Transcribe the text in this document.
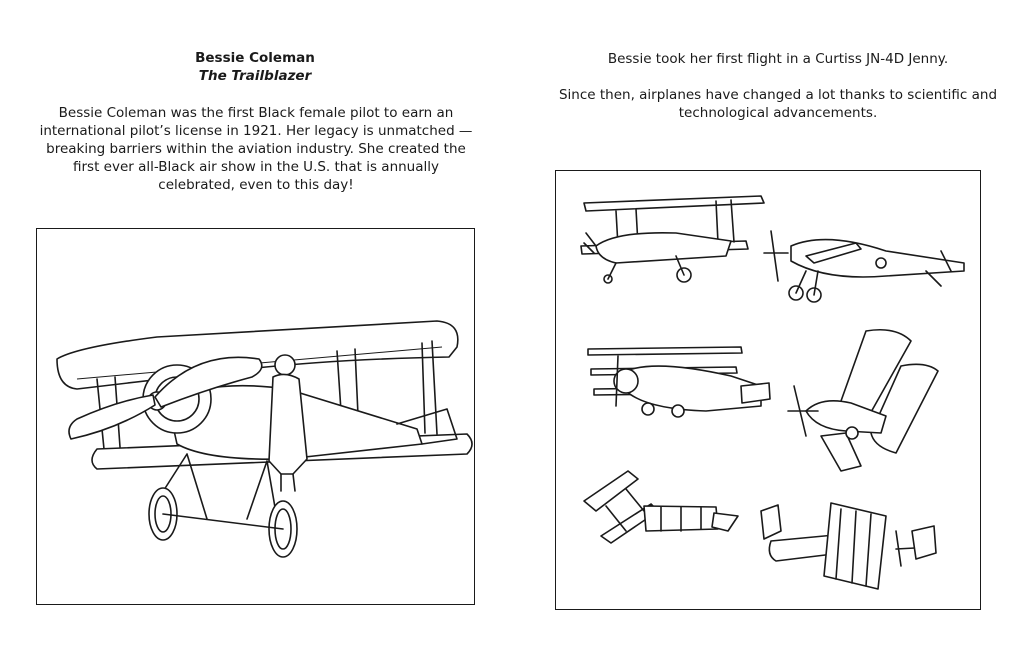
Bessie Coleman
The Trailblazer
Bessie Coleman was the first Black female pilot to earn an international pilot’s license in 1921. Her legacy is unmatched — breaking barriers within the aviation industry. She created the first ever all-Black air show in the U.S. that is annually celebrated, even to this day!
Bessie took her first flight in a Curtiss JN-4D Jenny.
Since then, airplanes have changed a lot thanks to scientific and technological advancements.
